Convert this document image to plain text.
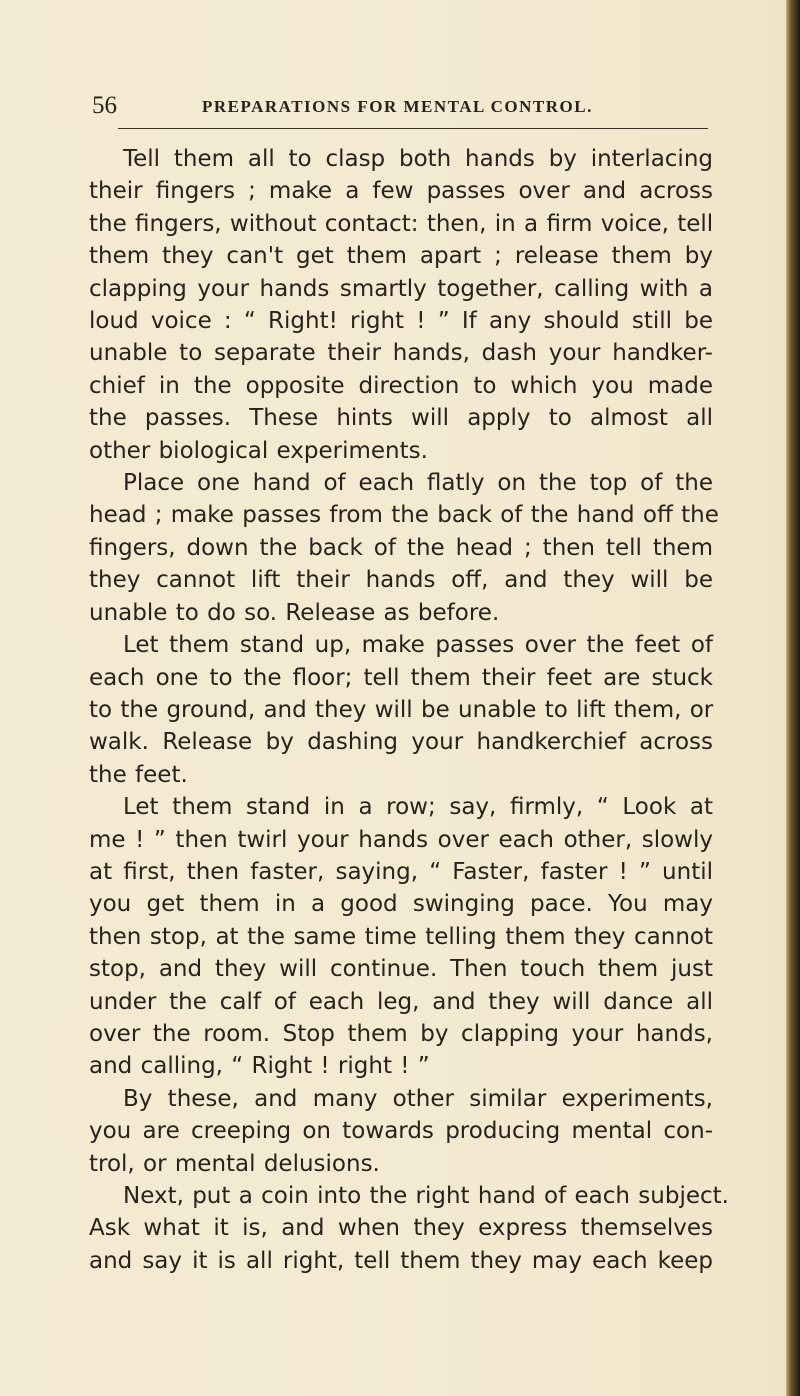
56	PREPARATIONS FOR MENTAL CONTROL.
Tell them all to clasp both hands by interlacing
their fingers ; make a few passes over and across
the fingers, without contact: then, in a firm voice, tell
them they can't get them apart ; release them by
clapping your hands smartly together, calling with a
loud voice : “ Right! right ! ” If any should still be
unable to separate their hands, dash your handker-
chief in the opposite direction to which you made
the passes. These hints will apply to almost all
other biological experiments.
Place one hand of each flatly on the top of the
head ; make passes from the back of the hand off the
fingers, down the back of the head ; then tell them
they cannot lift their hands off, and they will be
unable to do so. Release as before.
Let them stand up, make passes over the feet of
each one to the floor; tell them their feet are stuck
to the ground, and they will be unable to lift them, or
walk. Release by dashing your handkerchief across
the feet.
Let them stand in a row; say, firmly, “ Look at
me ! ” then twirl your hands over each other, slowly
at first, then faster, saying, “ Faster, faster ! ” until
you get them in a good swinging pace. You may
then stop, at the same time telling them they cannot
stop, and they will continue. Then touch them just
under the calf of each leg, and they will dance all
over the room. Stop them by clapping your hands,
and calling, “ Right ! right ! ”
By these, and many other similar experiments,
you are creeping on towards producing mental con-
trol, or mental delusions.
Next, put a coin into the right hand of each subject.
Ask what it is, and when they express themselves
and say it is all right, tell them they may each keep
